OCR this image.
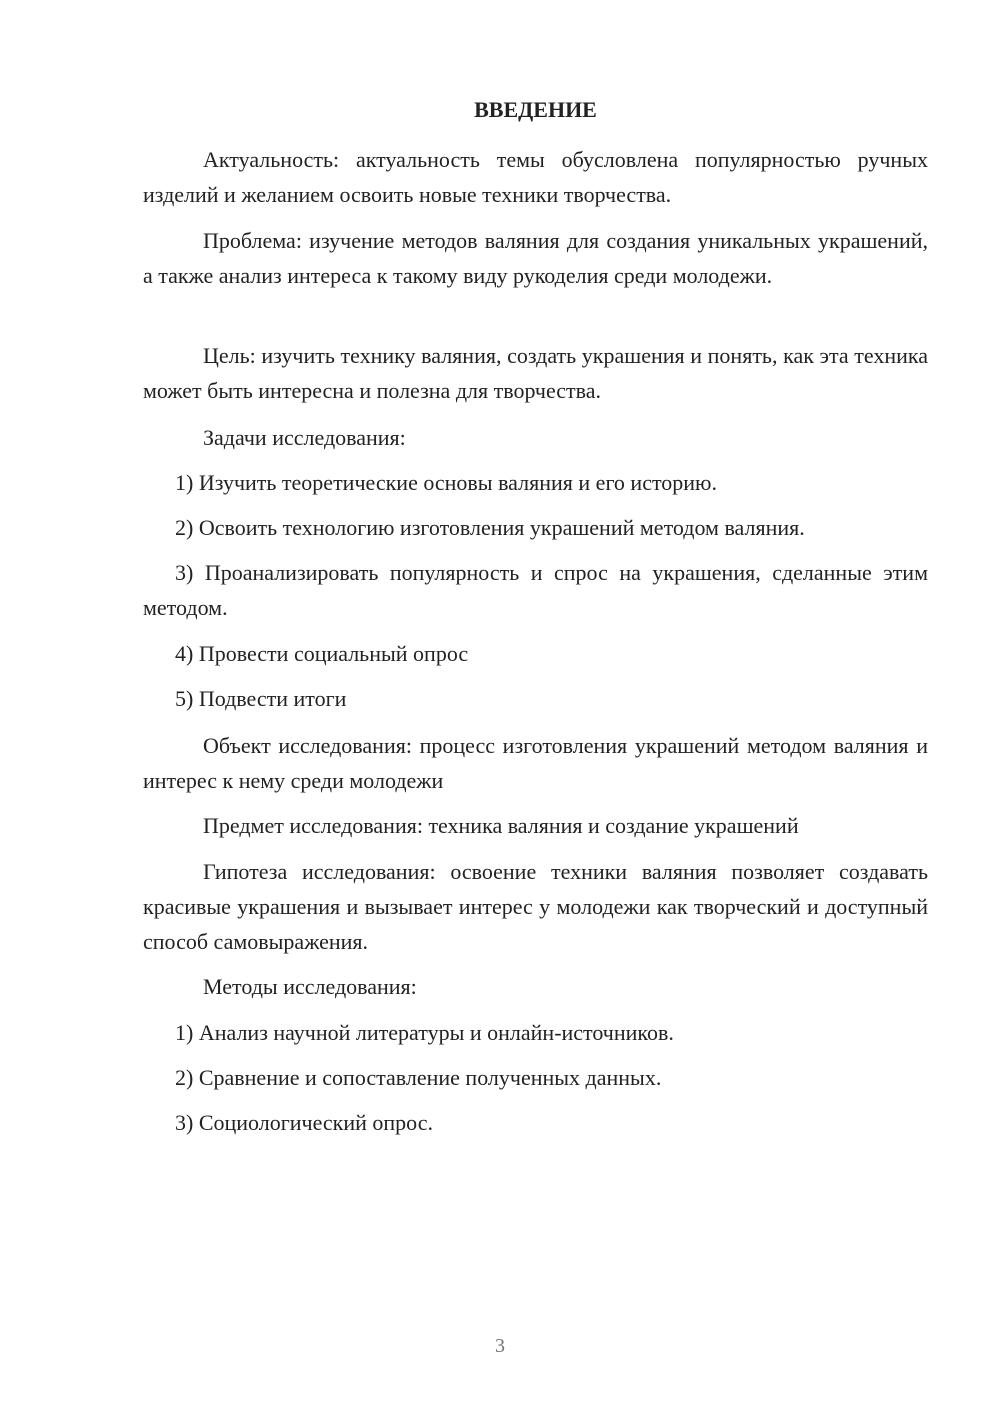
ВВЕДЕНИЕ

Актуальность: актуальность темы обусловлена популярностью ручных изделий и желанием освоить новые техники творчества.

Проблема: изучение методов валяния для создания уникальных украшений, а также анализ интереса к такому виду рукоделия среди молодежи.

Цель: изучить технику валяния, создать украшения и понять, как эта техника может быть интересна и полезна для творчества.

Задачи исследования:

1) Изучить теоретические основы валяния и его историю.

2) Освоить технологию изготовления украшений методом валяния.

3) Проанализировать популярность и спрос на украшения, сделанные этим методом.

4) Провести социальный опрос

5) Подвести итоги

Объект исследования: процесс изготовления украшений методом валяния и интерес к нему среди молодежи

Предмет исследования: техника валяния и создание украшений

Гипотеза исследования: освоение техники валяния позволяет создавать красивые украшения и вызывает интерес у молодежи как творческий и доступный способ самовыражения.

Методы исследования:

1) Анализ научной литературы и онлайн-источников.

2) Сравнение и сопоставление полученных данных.

3) Социологический опрос.

3
